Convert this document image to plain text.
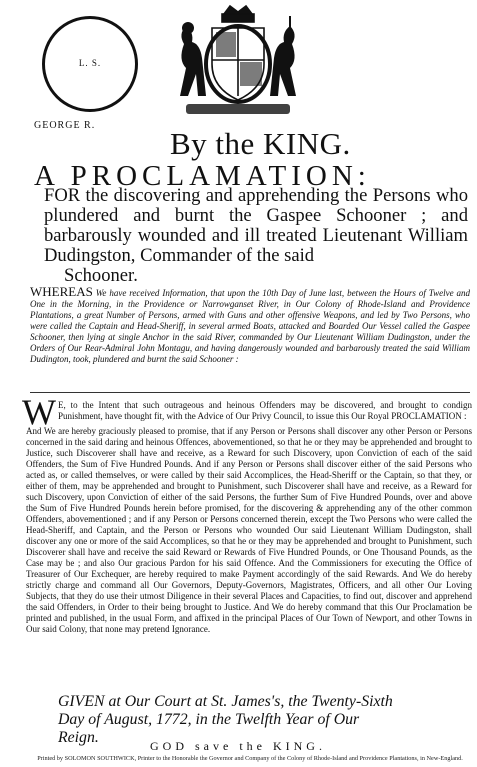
L. S.
GEORGE R.
By the KING.
A PROCLAMATION:
FOR the discovering and apprehending the Persons who plundered and burnt the Gaspee Schooner ; and barbarously wounded and ill treated Lieutenant William Dudingston, Commander of the said
Schooner.
WHEREAS We have received Information, that upon the 10th Day of June last, between the Hours of Twelve and One in the Morning, in the Providence or Narrowganset River, in Our Colony of Rhode-Island and Providence Plantations, a great Number of Persons, armed with Guns and other offensive Weapons, and led by Two Persons, who were called the Captain and Head-Sheriff, in several armed Boats, attacked and Boarded Our Vessel called the Gaspee Schooner, then lying at single Anchor in the said River, commanded by Our Lieutenant William Dudingston, under the Orders of Our Rear-Admiral John Montagu, and having dangerously wounded and barbarously treated the said William Dudington, took, plundered and burnt the said Schooner :
W E, to the Intent that such outrageous and heinous Offenders may be discovered, and brought to condign Punishment, have thought fit, with the Advice of Our Privy Council, to issue this Our Royal PROCLAMATION :
And We are hereby graciously pleased to promise, that if any Person or Persons shall discover any other Person or Persons concerned in the said daring and heinous Offences, abovementioned, so that he or they may be apprehended and brought to Justice, such Discoverer shall have and receive, as a Reward for such Discovery, upon Conviction of each of the said Offenders, the Sum of Five Hundred Pounds. And if any Person or Persons shall discover either of the said Persons who acted as, or called themselves, or were called by their said Accomplices, the Head-Sheriff or the Captain, so that they, or either of them, may be apprehended and brought to Punishment, such Discoverer shall have and receive, as a Reward for such Discovery, upon Conviction of either of the said Persons, the further Sum of Five Hundred Pounds, over and above the Sum of Five Hundred Pounds herein before promised, for the discovering & apprehending any of the other common Offenders, abovementioned ; and if any Person or Persons concerned therein, except the Two Persons who were called the Head-Sheriff, and Captain, and the Person or Persons who wounded Our said Lieutenant William Dudingston, shall discover any one or more of the said Accomplices, so that he or they may be apprehended and brought to Punishment, such Discoverer shall have and receive the said Reward or Rewards of Five Hundred Pounds, or One Thousand Pounds, as the Case may be ; and also Our gracious Pardon for his said Offence. And the Commissioners for executing the Office of Treasurer of Our Exchequer, are hereby required to make Payment accordingly of the said Rewards. And We do hereby strictly charge and command all Our Governors, Deputy-Governors, Magistrates, Officers, and all other Our Loving Subjects, that they do use their utmost Diligence in their several Places and Capacities, to find out, discover and apprehend the said Offenders, in Order to their being brought to Justice. And We do hereby command that this Our Proclamation be printed and published, in the usual Form, and affixed in the principal Places of Our Town of Newport, and other Towns in Our said Colony, that none may pretend Ignorance.
GIVEN at Our Court at St. James's, the Twenty-Sixth
Day of August, 1772, in the Twelfth Year of Our
Reign.	GOD save the KING.
Printed by SOLOMON SOUTHWICK, Printer to the Honorable the Governor and Company of the Colony of Rhode-Island and Providence Plantations, in New-England.
